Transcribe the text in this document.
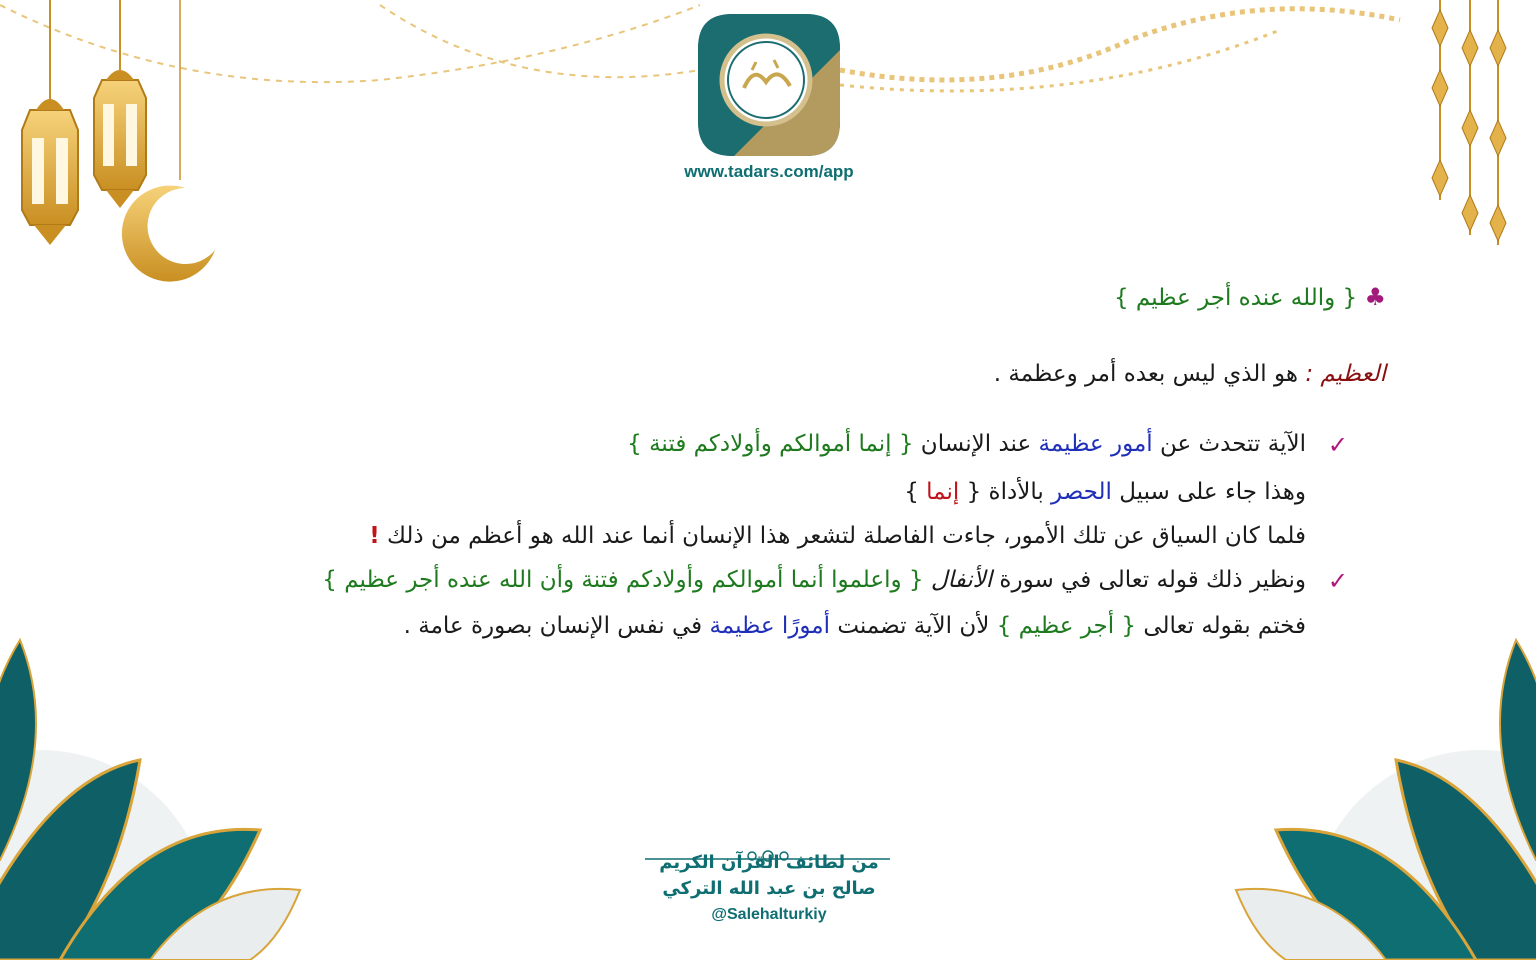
www.tadars.com/app
♣ { والله عنده أجر عظيم }
العظيم : هو الذي ليس بعده أمر وعظمة .
✓
الآية تتحدث عن أمور عظيمة عند الإنسان { إنما أموالكم وأولادكم فتنة }
وهذا جاء على سبيل الحصر بالأداة { إنما }
فلما كان السياق عن تلك الأمور، جاءت الفاصلة لتشعر هذا الإنسان أنما عند الله هو أعظم من ذلك !
✓
ونظير ذلك قوله تعالى في سورة الأنفال { واعلموا أنما أموالكم وأولادكم فتنة وأن الله عنده أجر عظيم }
فختم بقوله تعالى { أجر عظيم } لأن الآية تضمنت أمورًا عظيمة في نفس الإنسان بصورة عامة .
من لطائف القرآن الكريم
صالح بن عبد الله التركي
@Salehalturkiy
